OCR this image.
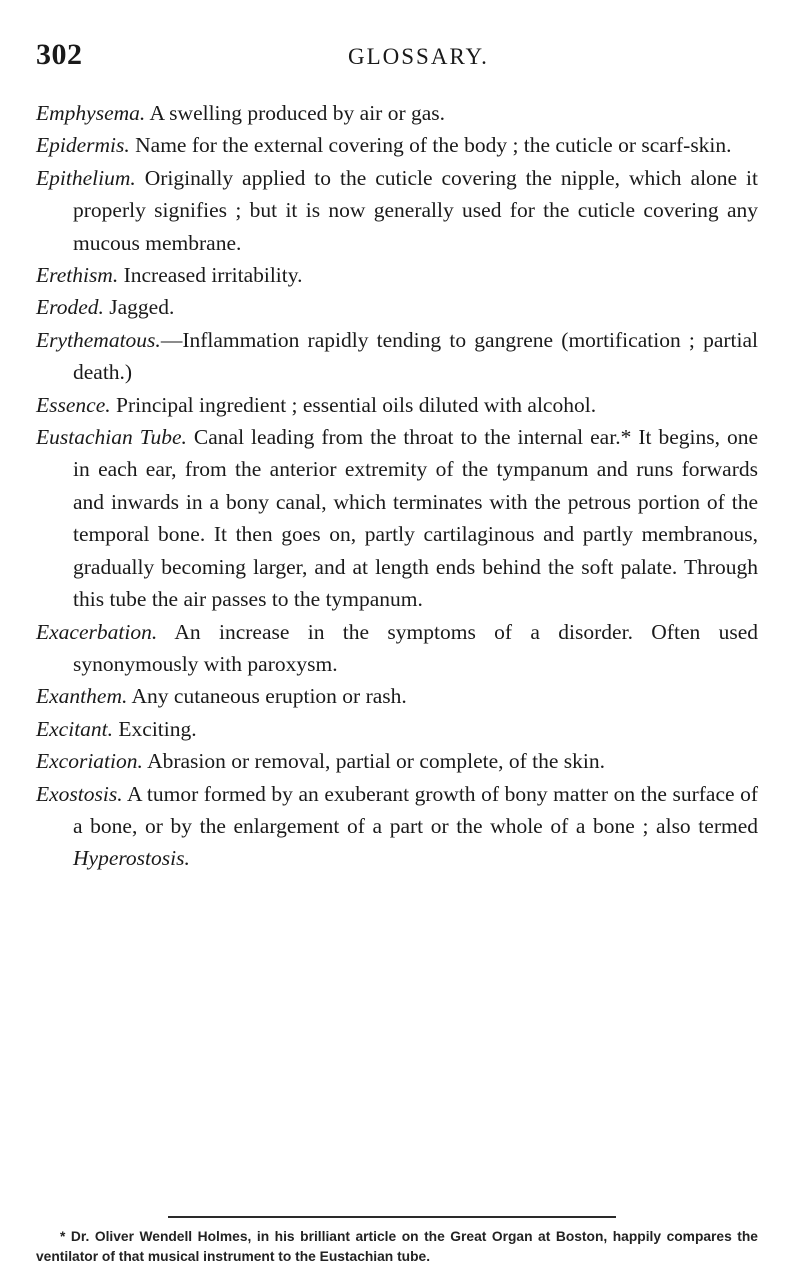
302	GLOSSARY.

Emphysema. A swelling produced by air or gas.

Epidermis. Name for the external covering of the body ; the cuticle or scarf-skin.

Epithelium. Originally applied to the cuticle covering the nipple, which alone it properly signifies ; but it is now generally used for the cuticle covering any mucous membrane.

Erethism. Increased irritability.

Eroded. Jagged.

Erythematous.—Inflammation rapidly tending to gangrene (mortification ; partial death.)

Essence. Principal ingredient ; essential oils diluted with alcohol.

Eustachian Tube. Canal leading from the throat to the internal ear.* It begins, one in each ear, from the anterior extremity of the tympanum and runs forwards and inwards in a bony canal, which terminates with the petrous portion of the temporal bone. It then goes on, partly cartilaginous and partly membranous, gradually becoming larger, and at length ends behind the soft palate. Through this tube the air passes to the tympanum.

Exacerbation. An increase in the symptoms of a disorder. Often used synonymously with paroxysm.

Exanthem. Any cutaneous eruption or rash.

Excitant. Exciting.

Excoriation. Abrasion or removal, partial or complete, of the skin.

Exostosis. A tumor formed by an exuberant growth of bony matter on the surface of a bone, or by the enlargement of a part or the whole of a bone ; also termed Hyperostosis.

* Dr. Oliver Wendell Holmes, in his brilliant article on the Great Organ at Boston, happily compares the ventilator of that musical instrument to the Eustachian tube.
